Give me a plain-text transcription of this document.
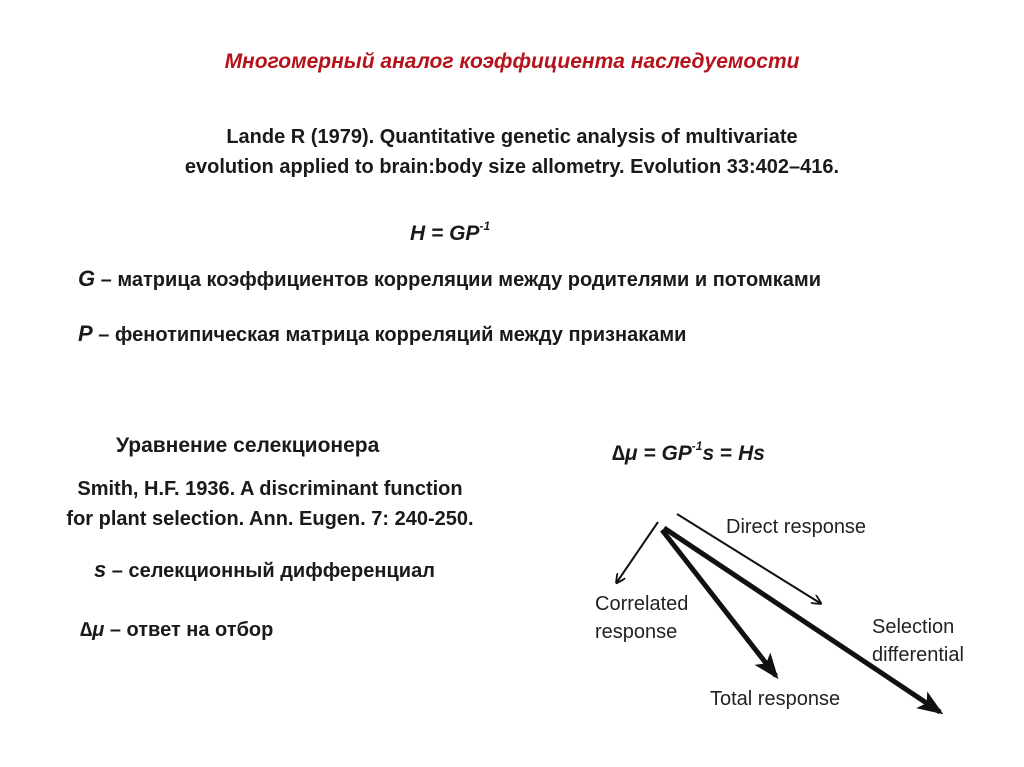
Многомерный аналог коэффициента наследуемости
Lande R (1979). Quantitative genetic analysis of multivariate
evolution applied to brain:body size allometry. Evolution 33:402–416.
$H = GP^{-1}$
G – матрица коэффициентов корреляции между родителями и потомками
P – фенотипическая матрица корреляций между признаками
Уравнение селекционера
Smith, H.F. 1936. A discriminant function
for plant selection. Ann. Eugen. 7: 240-250.
s – селекционный дифференциал
∆μ – ответ на отбор
$\Delta\mu = GP^{-1}s = Hs$
Direct response
Correlated
response	Selection
differential
Total response
